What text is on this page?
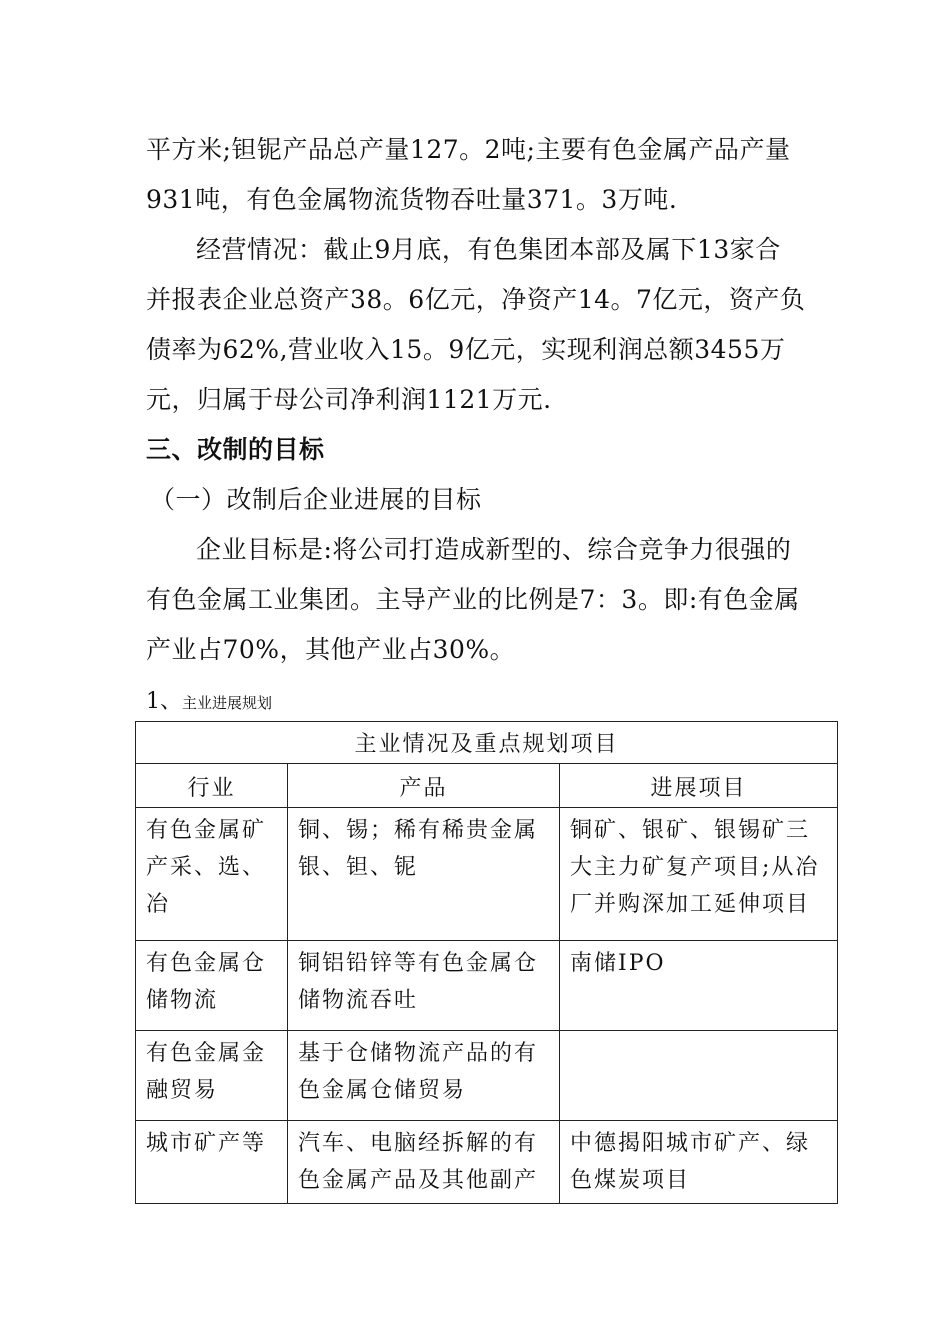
平方米;钽铌产品总产量127。2吨;主要有色金属产品产量
931吨，有色金属物流货物吞吐量371。3万吨.
经营情况：截止9月底，有色集团本部及属下13家合
并报表企业总资产38。6亿元，净资产14。7亿元，资产负
债率为62%,营业收入15。9亿元，实现利润总额3455万
元，归属于母公司净利润1121万元.
三、改制的目标
（一）改制后企业进展的目标
企业目标是:将公司打造成新型的、综合竞争力很强的
有色金属工业集团。主导产业的比例是7：3。即:有色金属
产业占70%，其他产业占30%。
1、主业进展规划
主业情况及重点规划项目		
行业	产品	进展项目
有色金属矿产采、选、冶	铜、锡；稀有稀贵金属银、钽、铌	铜矿、银矿、银锡矿三大主力矿复产项目;从冶厂并购深加工延伸项目
有色金属仓储物流	铜铝铅锌等有色金属仓储物流吞吐	南储IPO
有色金属金融贸易	基于仓储物流产品的有色金属仓储贸易	
城市矿产等	汽车、电脑经拆解的有色金属产品及其他副产	中德揭阳城市矿产、绿色煤炭项目
